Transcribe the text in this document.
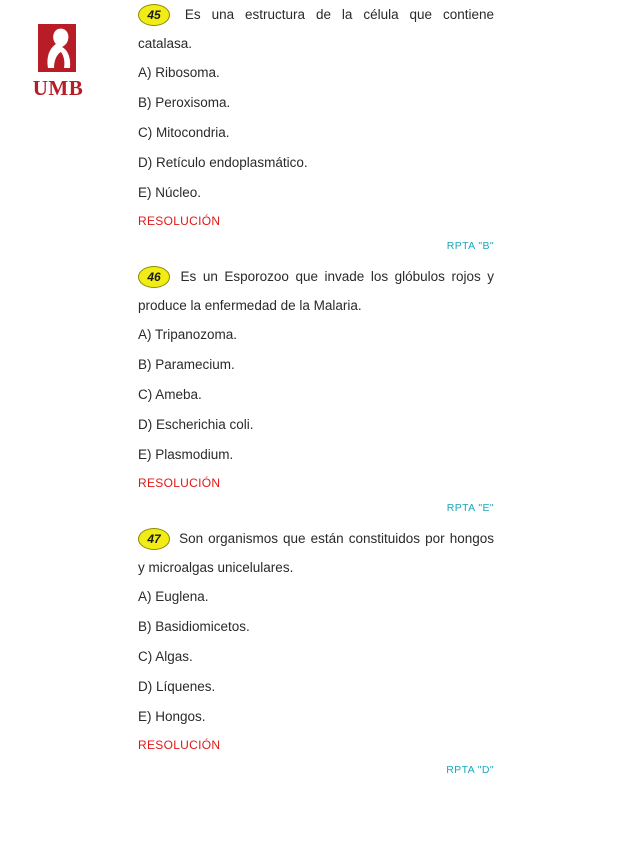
UMB

45 Es una estructura de la célula que contiene catalasa.

A) Ribosoma.

B) Peroxisoma.

C) Mitocondria.

D) Retículo endoplasmático.

E) Núcleo.

RESOLUCIÓN

RPTA "B"

46 Es un Esporozoo que invade los glóbulos rojos y produce la enfermedad de la Malaria.

A) Tripanozoma.

B) Paramecium.

C) Ameba.

D) Escherichia coli.

E) Plasmodium.

RESOLUCIÓN

RPTA "E"

47 Son organismos que están constituidos por hongos y microalgas unicelulares.

A) Euglena.

B) Basidiomicetos.

C) Algas.

D) Líquenes.

E) Hongos.

RESOLUCIÓN

RPTA "D"
